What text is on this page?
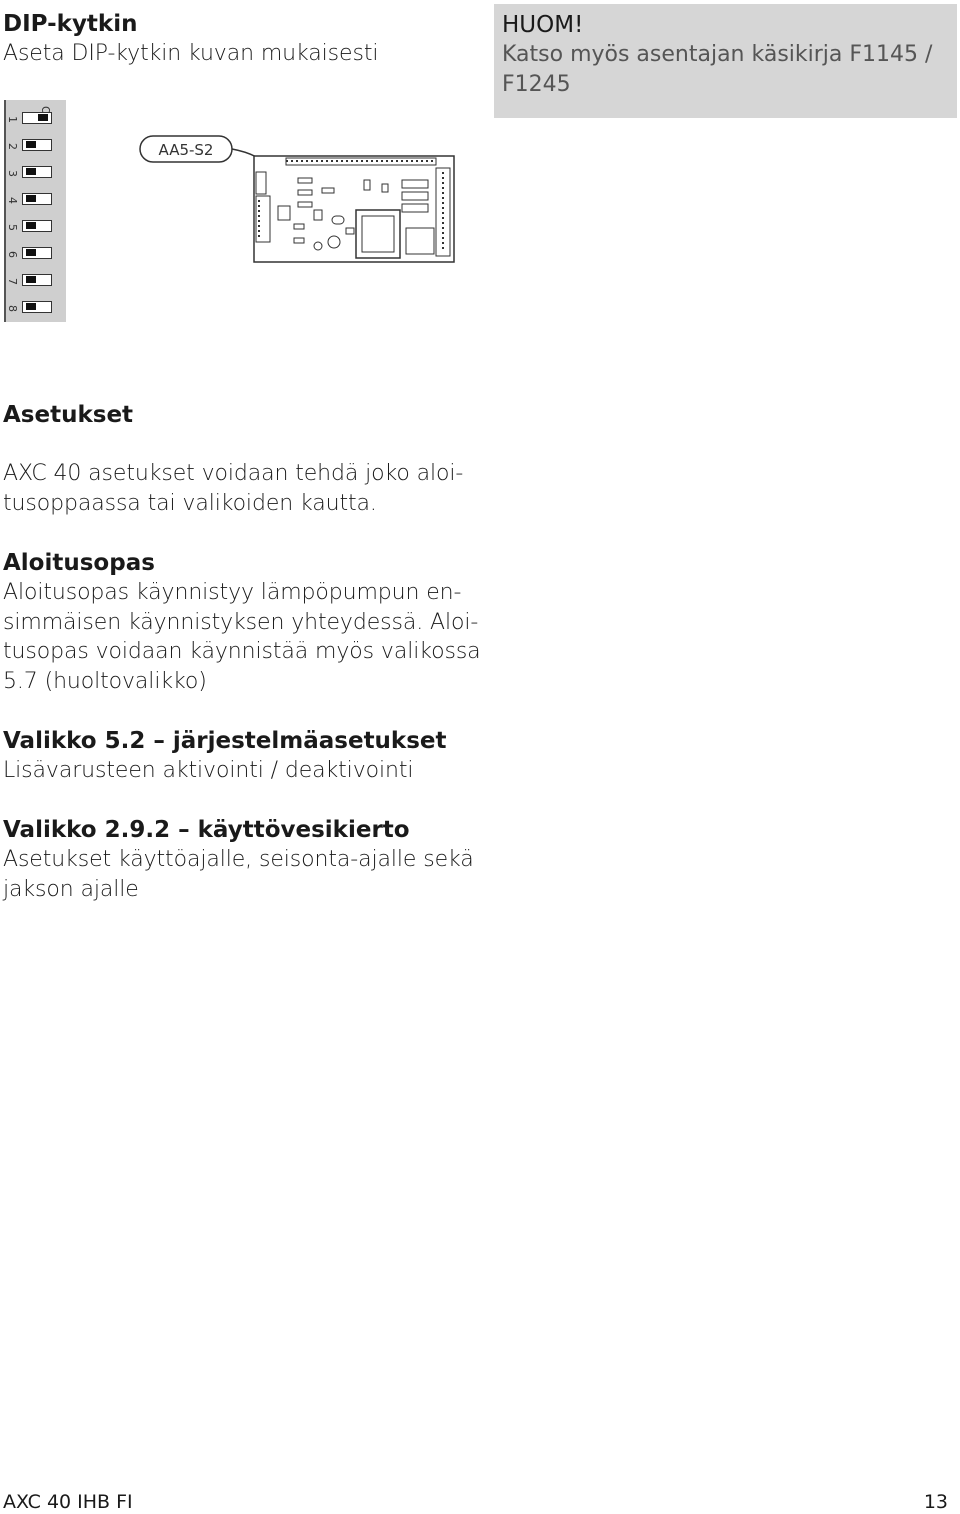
DIP-kytkin
Aseta DIP-kytkin kuvan mukaisesti
HUOM!
Katso myös asentajan käsikirja F1145 /
F1245
1
2
3
4
5
6
7
8
AA5-S2
Asetukset
AXC 40 asetukset voidaan tehdä joko aloi-
tusoppaassa tai valikoiden kautta.
Aloitusopas
Aloitusopas käynnistyy lämpöpumpun en-
simmäisen käynnistyksen yhteydessä. Aloi-
tusopas voidaan käynnistää myös valikossa
5.7 (huoltovalikko)
Valikko 5.2 – järjestelmäasetukset
Lisävarusteen aktivointi / deaktivointi
Valikko 2.9.2 – käyttövesikierto
Asetukset käyttöajalle, seisonta-ajalle sekä
jakson ajalle
AXC 40 IHB FI	13
